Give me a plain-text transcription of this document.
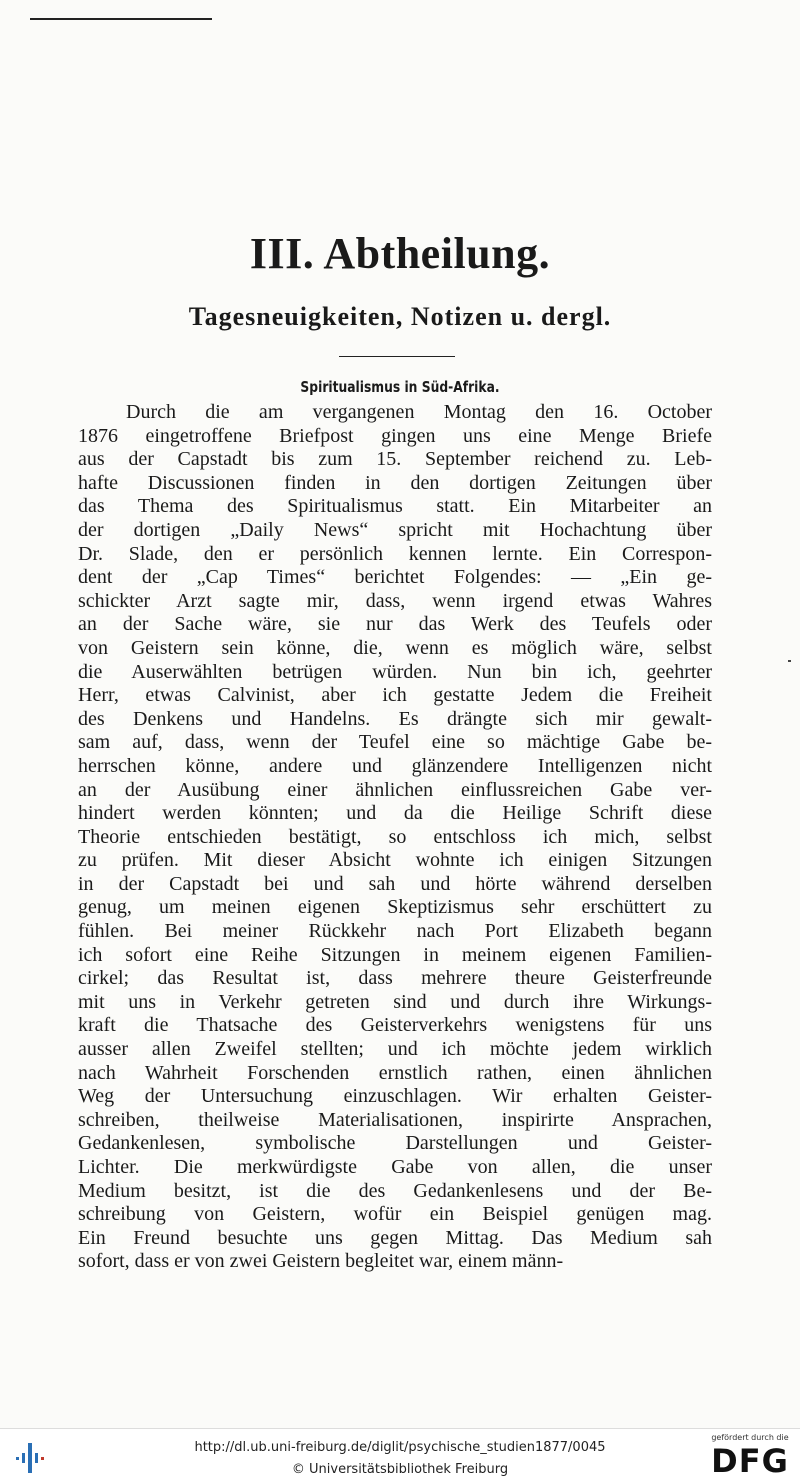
III. Abtheilung.
Tagesneuigkeiten, Notizen u. dergl.
Spiritualismus in Süd-Afrika.
Durch die am vergangenen Montag den 16. October
1876 eingetroffene Briefpost gingen uns eine Menge Briefe
aus der Capstadt bis zum 15. September reichend zu. Leb-
hafte Discussionen finden in den dortigen Zeitungen über
das Thema des Spiritualismus statt. Ein Mitarbeiter an
der dortigen „Daily News“ spricht mit Hochachtung über
Dr. Slade, den er persönlich kennen lernte. Ein Correspon-
dent der „Cap Times“ berichtet Folgendes: — „Ein ge-
schickter Arzt sagte mir, dass, wenn irgend etwas Wahres
an der Sache wäre, sie nur das Werk des Teufels oder
von Geistern sein könne, die, wenn es möglich wäre, selbst
die Auserwählten betrügen würden. Nun bin ich, geehrter
Herr, etwas Calvinist, aber ich gestatte Jedem die Freiheit
des Denkens und Handelns. Es drängte sich mir gewalt-
sam auf, dass, wenn der Teufel eine so mächtige Gabe be-
herrschen könne, andere und glänzendere Intelligenzen nicht
an der Ausübung einer ähnlichen einflussreichen Gabe ver-
hindert werden könnten; und da die Heilige Schrift diese
Theorie entschieden bestätigt, so entschloss ich mich, selbst
zu prüfen. Mit dieser Absicht wohnte ich einigen Sitzungen
in der Capstadt bei und sah und hörte während derselben
genug, um meinen eigenen Skeptizismus sehr erschüttert zu
fühlen. Bei meiner Rückkehr nach Port Elizabeth begann
ich sofort eine Reihe Sitzungen in meinem eigenen Familien-
cirkel; das Resultat ist, dass mehrere theure Geisterfreunde
mit uns in Verkehr getreten sind und durch ihre Wirkungs-
kraft die Thatsache des Geisterverkehrs wenigstens für uns
ausser allen Zweifel stellten; und ich möchte jedem wirklich
nach Wahrheit Forschenden ernstlich rathen, einen ähnlichen
Weg der Untersuchung einzuschlagen. Wir erhalten Geister-
schreiben, theilweise Materialisationen, inspirirte Ansprachen,
Gedankenlesen, symbolische Darstellungen und Geister-
Lichter. Die merkwürdigste Gabe von allen, die unser
Medium besitzt, ist die des Gedankenlesens und der Be-
schreibung von Geistern, wofür ein Beispiel genügen mag.
Ein Freund besuchte uns gegen Mittag. Das Medium sah
sofort, dass er von zwei Geistern begleitet war, einem männ-
http://dl.ub.uni-freiburg.de/diglit/psychische_studien1877/0045
© Universitätsbibliothek Freiburg
gefördert durch die
DFG
